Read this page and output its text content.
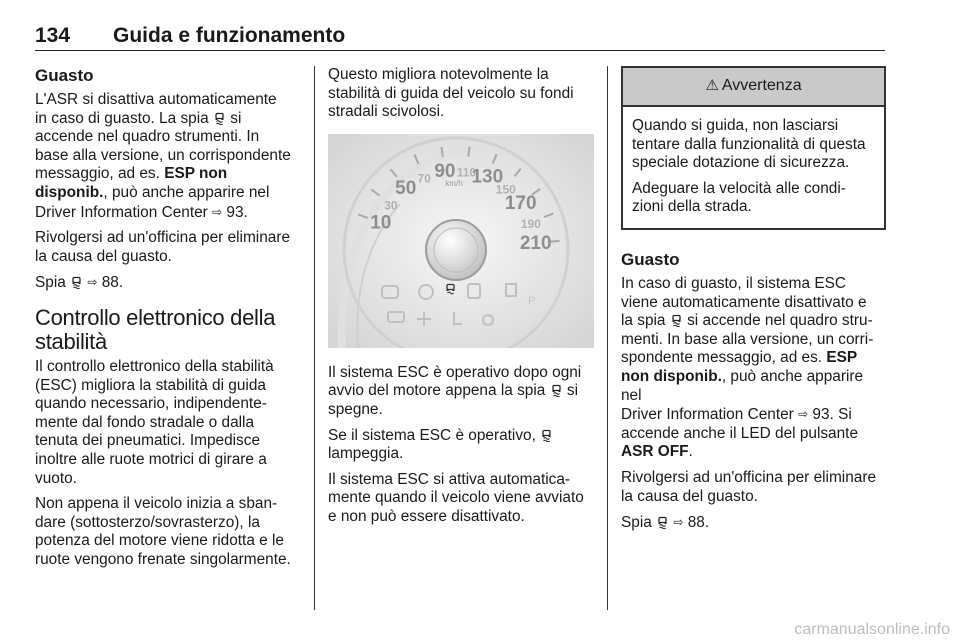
134 Guida e funzionamento
Guasto

L'ASR si disattiva automaticamente
in caso di guasto. La spia si
accende nel quadro strumenti. In
base alla versione, un corrispondente
messaggio, ad es. ESP non
disponib., può anche apparire nel
Driver Information Center ⇨ 93.

Rivolgersi ad un'officina per eliminare
la causa del guasto.

Spia ⇨ 88.

Controllo elettronico della
stabilità

Il controllo elettronico della stabilità
(ESC) migliora la stabilità di guida
quando necessario, indipendente-
mente dal fondo stradale o dalla
tenuta dei pneumatici. Impedisce
inoltre alle ruote motrici di girare a
vuoto.

Non appena il veicolo inizia a sban-
dare (sottosterzo/sovrasterzo), la
potenza del motore viene ridotta e le
ruote vengono frenate singolarmente.

Questo migliora notevolmente la
stabilità di guida del veicolo su fondi
stradali scivolosi.

10
30
50 70 90 110
130
150
170
190
210
km/h
P

Il sistema ESC è operativo dopo ogni
avvio del motore appena la spia si
spegne.

Se il sistema ESC è operativo,

lampeggia.

Il sistema ESC si attiva automatica-
mente quando il veicolo viene avviato
e non può essere disattivato.

⚠ Avvertenza

Quando si guida, non lasciarsi
tentare dalla funzionalità di questa
speciale dotazione di sicurezza.

Adeguare la velocità alle condi-
zioni della strada.

Guasto

In caso di guasto, il sistema ESC
viene automaticamente disattivato e
la spia si accende nel quadro stru-
menti. In base alla versione, un corri-
spondente messaggio, ad es. ESP
non disponib., può anche apparire nel
Driver Information Center ⇨ 93. Si
accende anche il LED del pulsante
ASR OFF.

Rivolgersi ad un'officina per eliminare
la causa del guasto.

Spia ⇨ 88.

carmanualsonline.info
